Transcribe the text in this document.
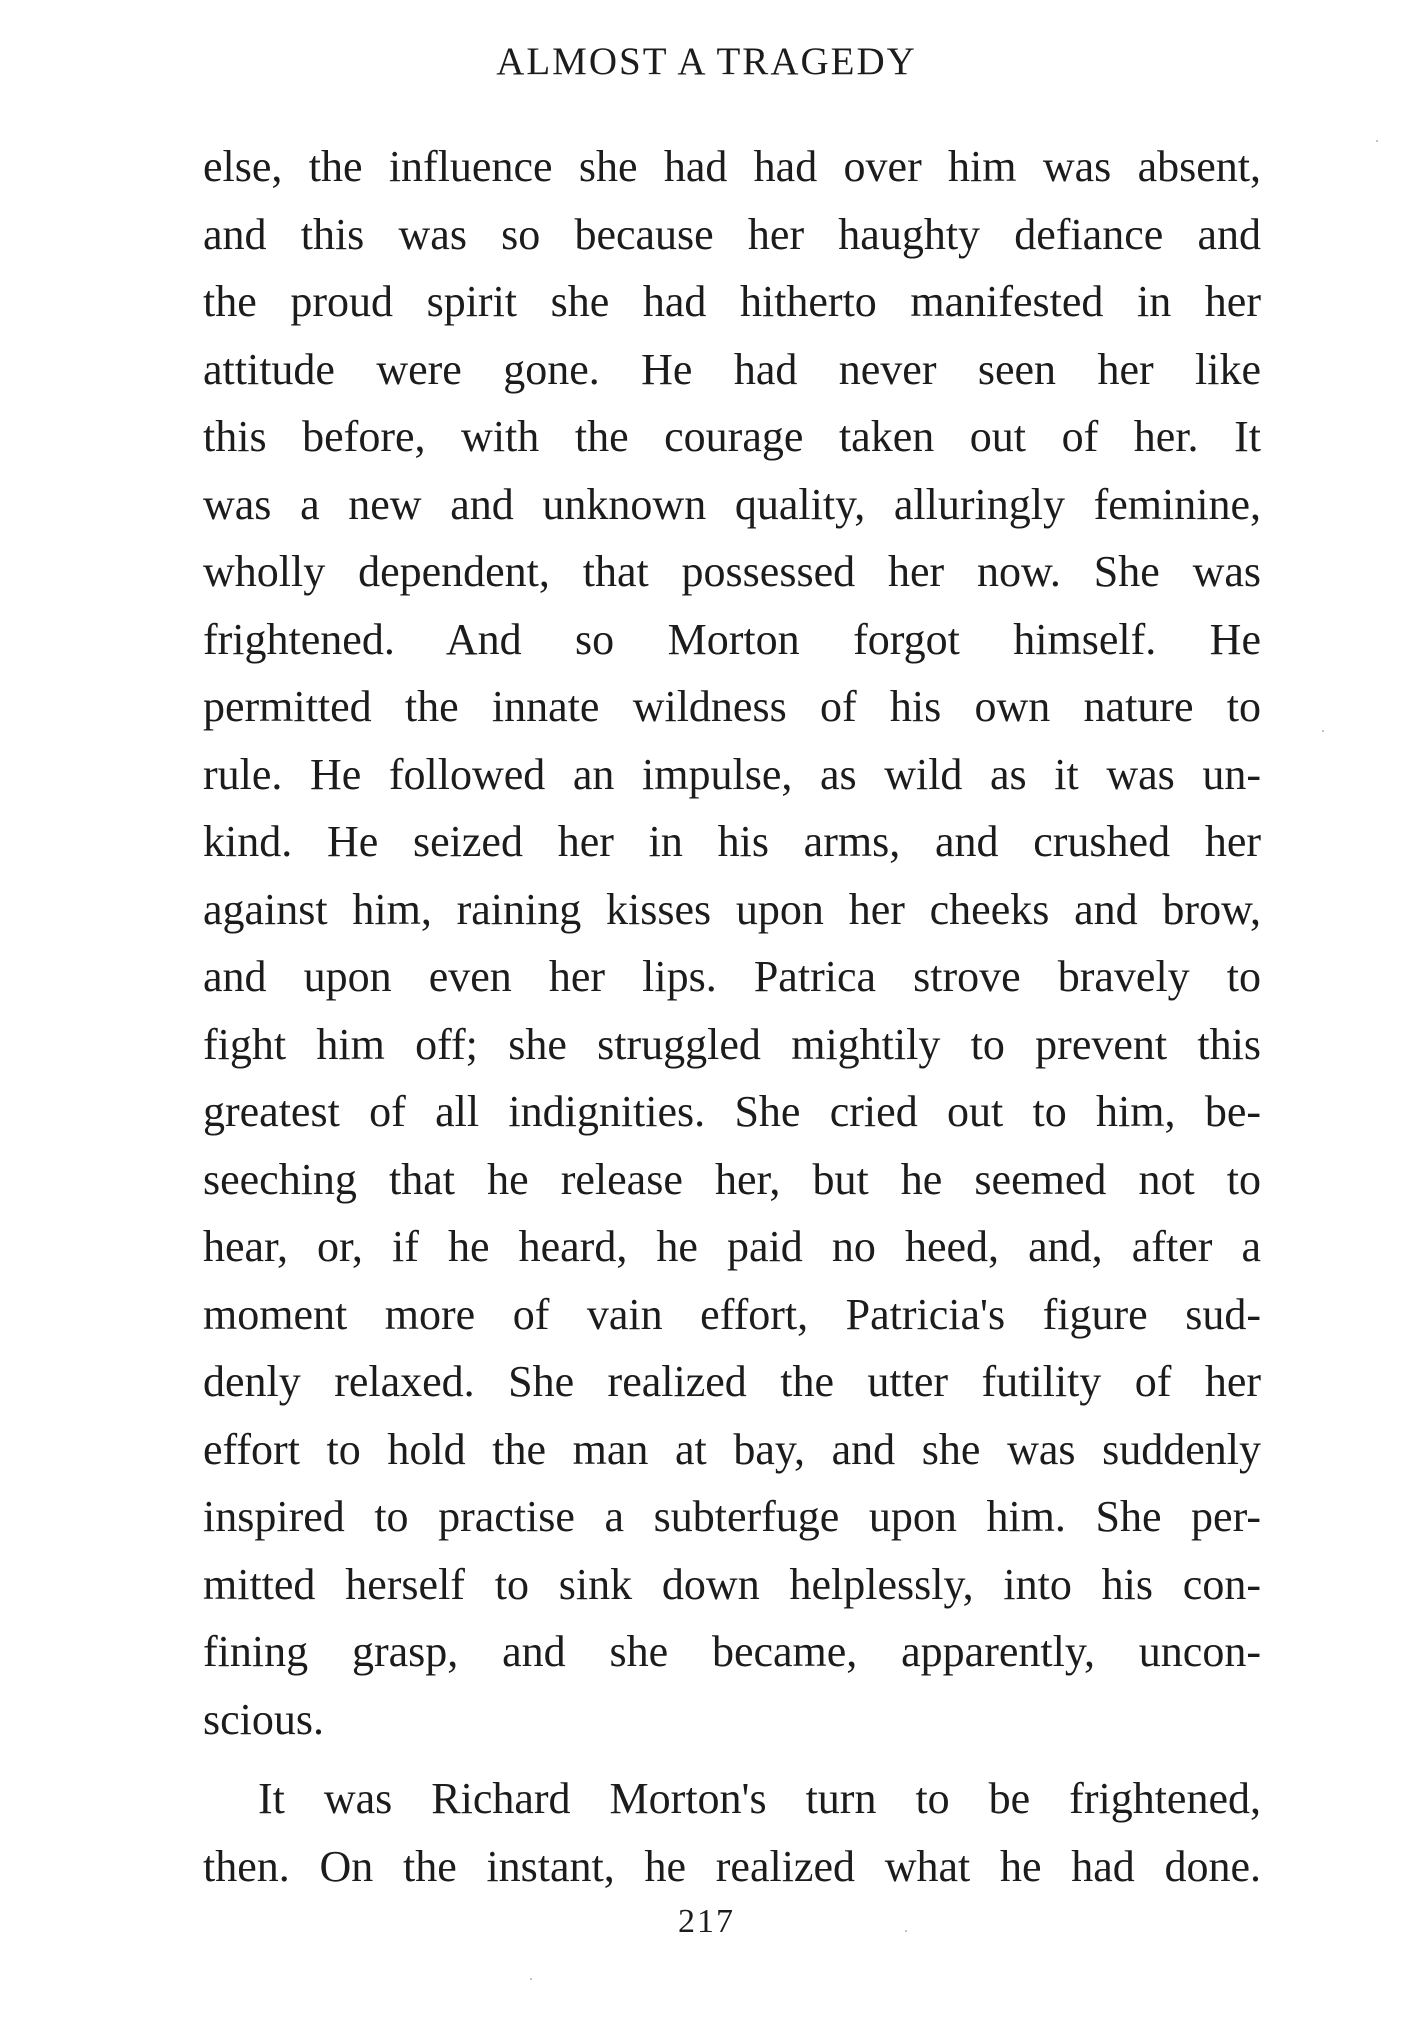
ALMOST A TRAGEDY
else, the influence she had had over him was absent,
and this was so because her haughty defiance and
the proud spirit she had hitherto manifested in her
attitude were gone. He had never seen her like
this before, with the courage taken out of her. It
was a new and unknown quality, alluringly feminine,
wholly dependent, that possessed her now. She was
frightened. And so Morton forgot himself. He
permitted the innate wildness of his own nature to
rule. He followed an impulse, as wild as it was un-
kind. He seized her in his arms, and crushed her
against him, raining kisses upon her cheeks and brow,
and upon even her lips. Patrica strove bravely to
fight him off; she struggled mightily to prevent this
greatest of all indignities. She cried out to him, be-
seeching that he release her, but he seemed not to
hear, or, if he heard, he paid no heed, and, after a
moment more of vain effort, Patricia's figure sud-
denly relaxed. She realized the utter futility of her
effort to hold the man at bay, and she was suddenly
inspired to practise a subterfuge upon him. She per-
mitted herself to sink down helplessly, into his con-
fining grasp, and she became, apparently, uncon-
scious.
It was Richard Morton's turn to be frightened,
then. On the instant, he realized what he had done.
217
